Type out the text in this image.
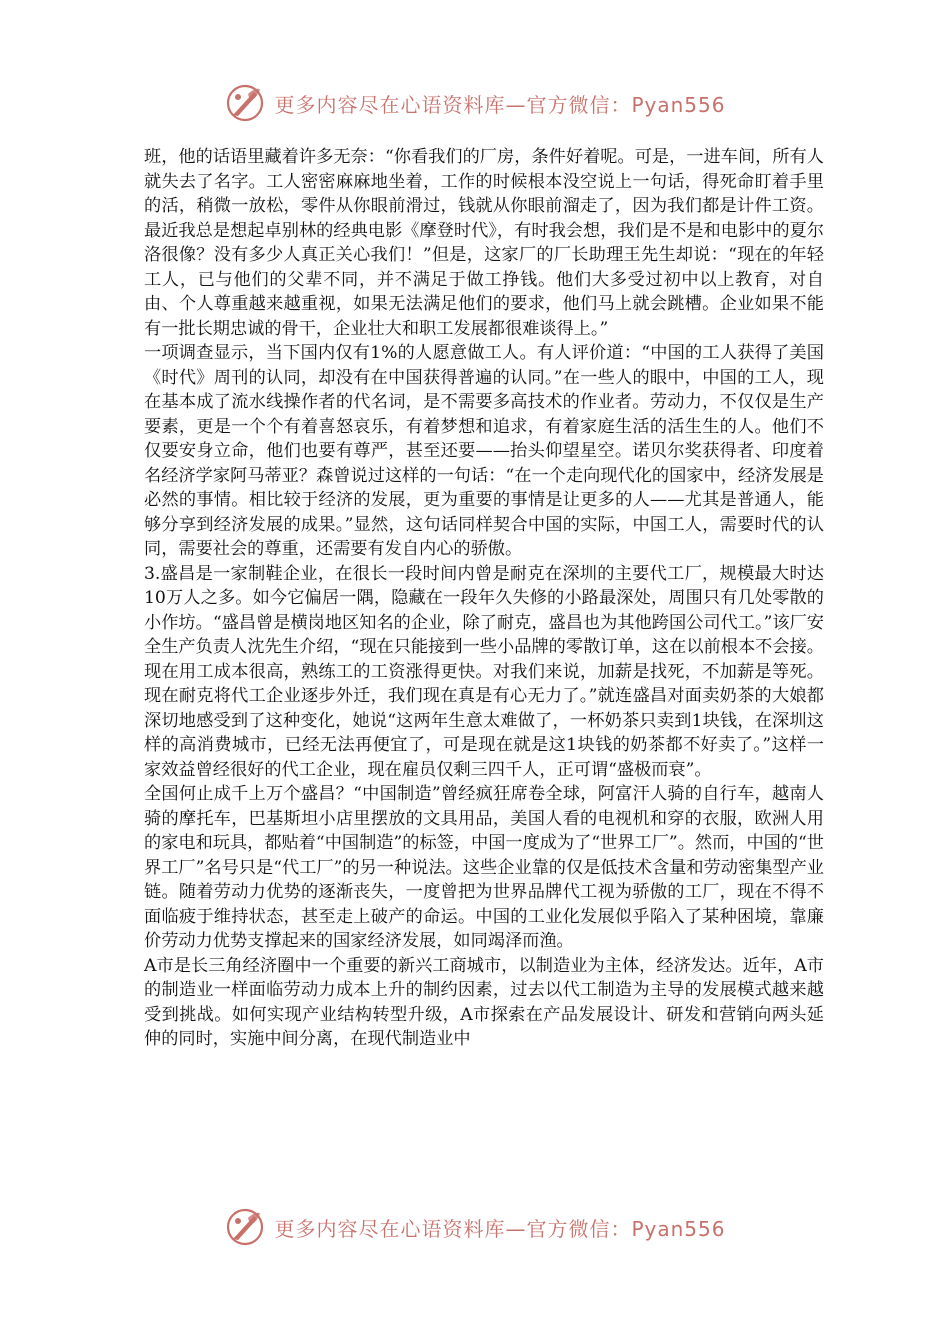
更多内容尽在心语资料库—官方微信：Pyan556

班，他的话语里藏着许多无奈：“你看我们的厂房，条件好着呢。可是，一进车间，所有人就失去了名字。工人密密麻麻地坐着，工作的时候根本没空说上一句话，得死命盯着手里的活，稍微一放松，零件从你眼前滑过，钱就从你眼前溜走了，因为我们都是计件工资。最近我总是想起卓别林的经典电影《摩登时代》，有时我会想，我们是不是和电影中的夏尔洛很像？没有多少人真正关心我们！”但是，这家厂的厂长助理王先生却说：“现在的年轻工人，已与他们的父辈不同，并不满足于做工挣钱。他们大多受过初中以上教育，对自由、个人尊重越来越重视，如果无法满足他们的要求，他们马上就会跳槽。企业如果不能有一批长期忠诚的骨干，企业壮大和职工发展都很难谈得上。”

一项调查显示，当下国内仅有1%的人愿意做工人。有人评价道：“中国的工人获得了美国《时代》周刊的认同，却没有在中国获得普遍的认同。”在一些人的眼中，中国的工人，现在基本成了流水线操作者的代名词，是不需要多高技术的作业者。劳动力，不仅仅是生产要素，更是一个个有着喜怒哀乐，有着梦想和追求，有着家庭生活的活生生的人。他们不仅要安身立命，他们也要有尊严，甚至还要——抬头仰望星空。诺贝尔奖获得者、印度着名经济学家阿马蒂亚？森曾说过这样的一句话：“在一个走向现代化的国家中，经济发展是必然的事情。相比较于经济的发展，更为重要的事情是让更多的人——尤其是普通人，能够分享到经济发展的成果。”显然，这句话同样契合中国的实际，中国工人，需要时代的认同，需要社会的尊重，还需要有发自内心的骄傲。

3.盛昌是一家制鞋企业，在很长一段时间内曾是耐克在深圳的主要代工厂，规模最大时达10万人之多。如今它偏居一隅，隐藏在一段年久失修的小路最深处，周围只有几处零散的小作坊。“盛昌曾是横岗地区知名的企业，除了耐克，盛昌也为其他跨国公司代工。”该厂安全生产负责人沈先生介绍，“现在只能接到一些小品牌的零散订单，这在以前根本不会接。现在用工成本很高，熟练工的工资涨得更快。对我们来说，加薪是找死，不加薪是等死。现在耐克将代工企业逐步外迁，我们现在真是有心无力了。”就连盛昌对面卖奶茶的大娘都深切地感受到了这种变化，她说“这两年生意太难做了，一杯奶茶只卖到1块钱，在深圳这样的高消费城市，已经无法再便宜了，可是现在就是这1块钱的奶茶都不好卖了。”这样一家效益曾经很好的代工企业，现在雇员仅剩三四千人，正可谓“盛极而衰”。

全国何止成千上万个盛昌？“中国制造”曾经疯狂席卷全球，阿富汗人骑的自行车，越南人骑的摩托车，巴基斯坦小店里摆放的文具用品，美国人看的电视机和穿的衣服，欧洲人用的家电和玩具，都贴着“中国制造”的标签，中国一度成为了“世界工厂”。然而，中国的“世界工厂”名号只是“代工厂”的另一种说法。这些企业靠的仅是低技术含量和劳动密集型产业链。随着劳动力优势的逐渐丧失，一度曾把为世界品牌代工视为骄傲的工厂，现在不得不面临疲于维持状态，甚至走上破产的命运。中国的工业化发展似乎陷入了某种困境，靠廉价劳动力优势支撑起来的国家经济发展，如同竭泽而渔。

A市是长三角经济圈中一个重要的新兴工商城市，以制造业为主体，经济发达。近年，A市的制造业一样面临劳动力成本上升的制约因素，过去以代工制造为主导的发展模式越来越受到挑战。如何实现产业结构转型升级，A市探索在产品发展设计、研发和营销向两头延伸的同时，实施中间分离，在现代制造业中

更多内容尽在心语资料库—官方微信：Pyan556
